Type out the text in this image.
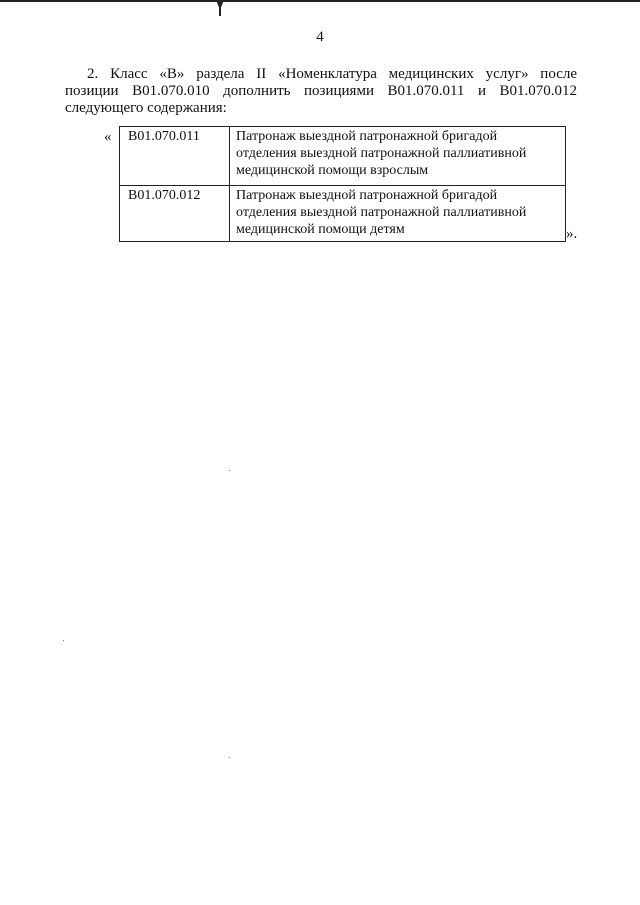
4
2. Класс «В» раздела II «Номенклатура медицинских услуг» после
позиции B01.070.010 дополнить позициями B01.070.011 и B01.070.012
следующего содержания:
« B01.070.011	Патронаж выездной патронажной бригадой
отделения выездной патронажной паллиативной
медицинской помощи взрослым

B01.070.012	Патронаж выездной патронажной бригадой
отделения выездной патронажной паллиативной
медицинской помощи детям	».
